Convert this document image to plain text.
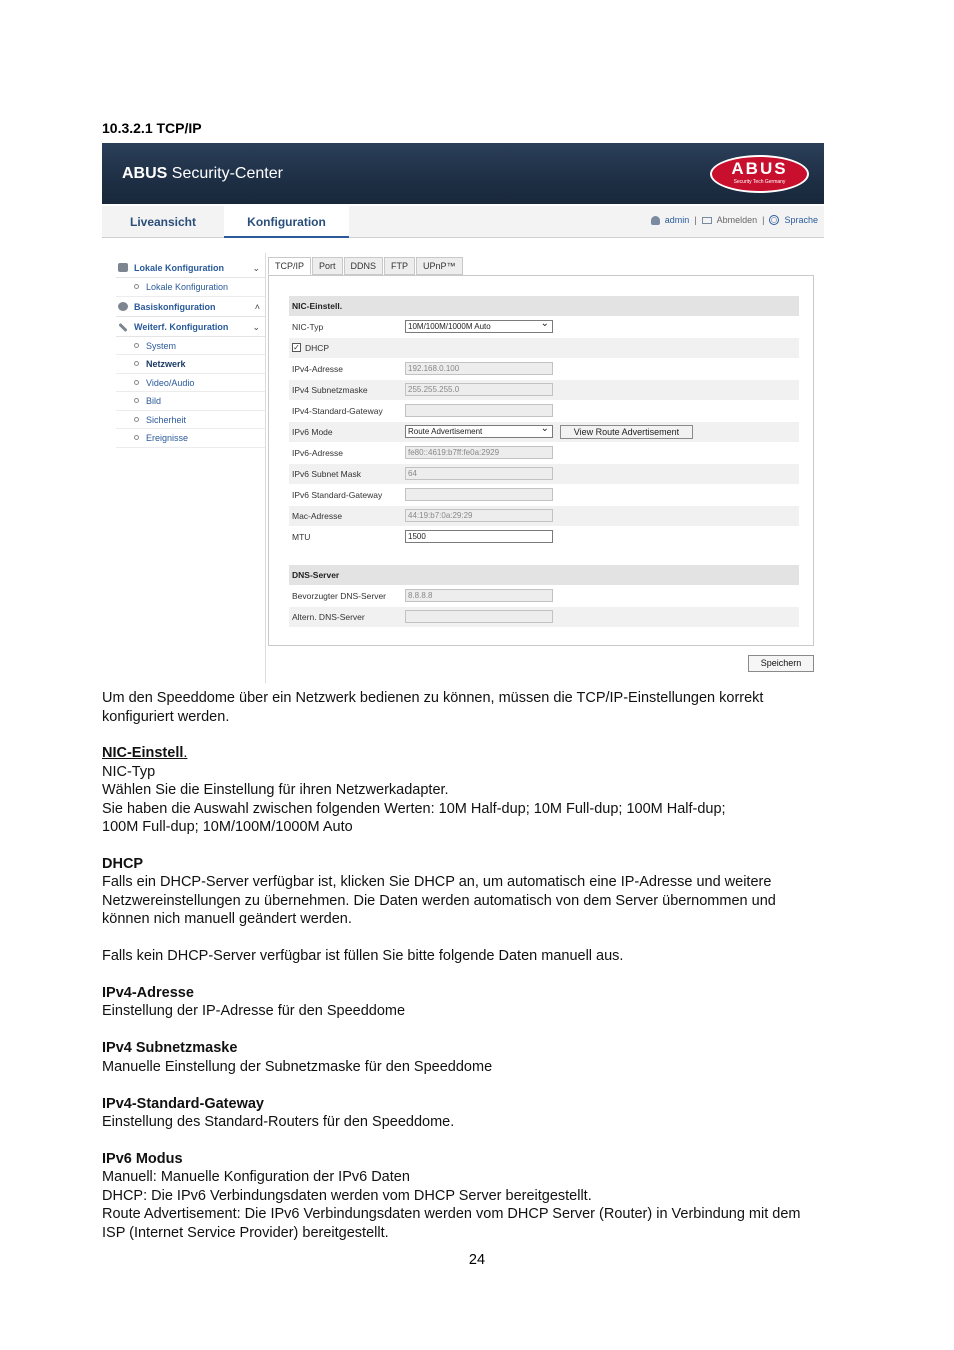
10.3.2.1 TCP/IP
ABUS Security-Center	ABUS
Security Tech Germany
Liveansicht	Konfiguration	admin | Abmelden | Sprache
Lokale Konfiguration	⌄
Lokale Konfiguration
Basiskonfiguration	˄
Weiterf. Konfiguration	⌄
System
Netzwerk
Video/Audio
Bild
Sicherheit
Ereignisse
TCP/IP	Port	DDNS	FTP	UPnP™
NIC-Einstell.
NIC-Typ	10M/100M/1000M Auto ⌄
✓ DHCP
IPv4-Adresse	192.168.0.100
IPv4 Subnetzmaske	255.255.255.0
IPv4-Standard-Gateway
IPv6 Mode	Route Advertisement ⌄	View Route Advertisement
IPv6-Adresse	fe80::4619:b7ff:fe0a:2929
IPv6 Subnet Mask	64
IPv6 Standard-Gateway
Mac-Adresse	44:19:b7:0a:29:29
MTU	1500
DNS-Server
Bevorzugter DNS-Server	8.8.8.8
Altern. DNS-Server
Speichern
Um den Speeddome über ein Netzwerk bedienen zu können, müssen die TCP/IP-Einstellungen korrekt
konfiguriert werden.
NIC-Einstell.
NIC-Typ
Wählen Sie die Einstellung für ihren Netzwerkadapter.
Sie haben die Auswahl zwischen folgenden Werten: 10M Half-dup; 10M Full-dup; 100M Half-dup;
100M Full-dup; 10M/100M/1000M Auto
DHCP
Falls ein DHCP-Server verfügbar ist, klicken Sie DHCP an, um automatisch eine IP-Adresse und weitere
Netzwereinstellungen zu übernehmen. Die Daten werden automatisch von dem Server übernommen und
können nich manuell geändert werden.
Falls kein DHCP-Server verfügbar ist füllen Sie bitte folgende Daten manuell aus.
IPv4-Adresse
Einstellung der IP-Adresse für den Speeddome
IPv4 Subnetzmaske
Manuelle Einstellung der Subnetzmaske für den Speeddome
IPv4-Standard-Gateway
Einstellung des Standard-Routers für den Speeddome.
IPv6 Modus
Manuell: Manuelle Konfiguration der IPv6 Daten
DHCP: Die IPv6 Verbindungsdaten werden vom DHCP Server bereitgestellt.
Route Advertisement: Die IPv6 Verbindungsdaten werden vom DHCP Server (Router) in Verbindung mit dem
ISP (Internet Service Provider) bereitgestellt.
24
